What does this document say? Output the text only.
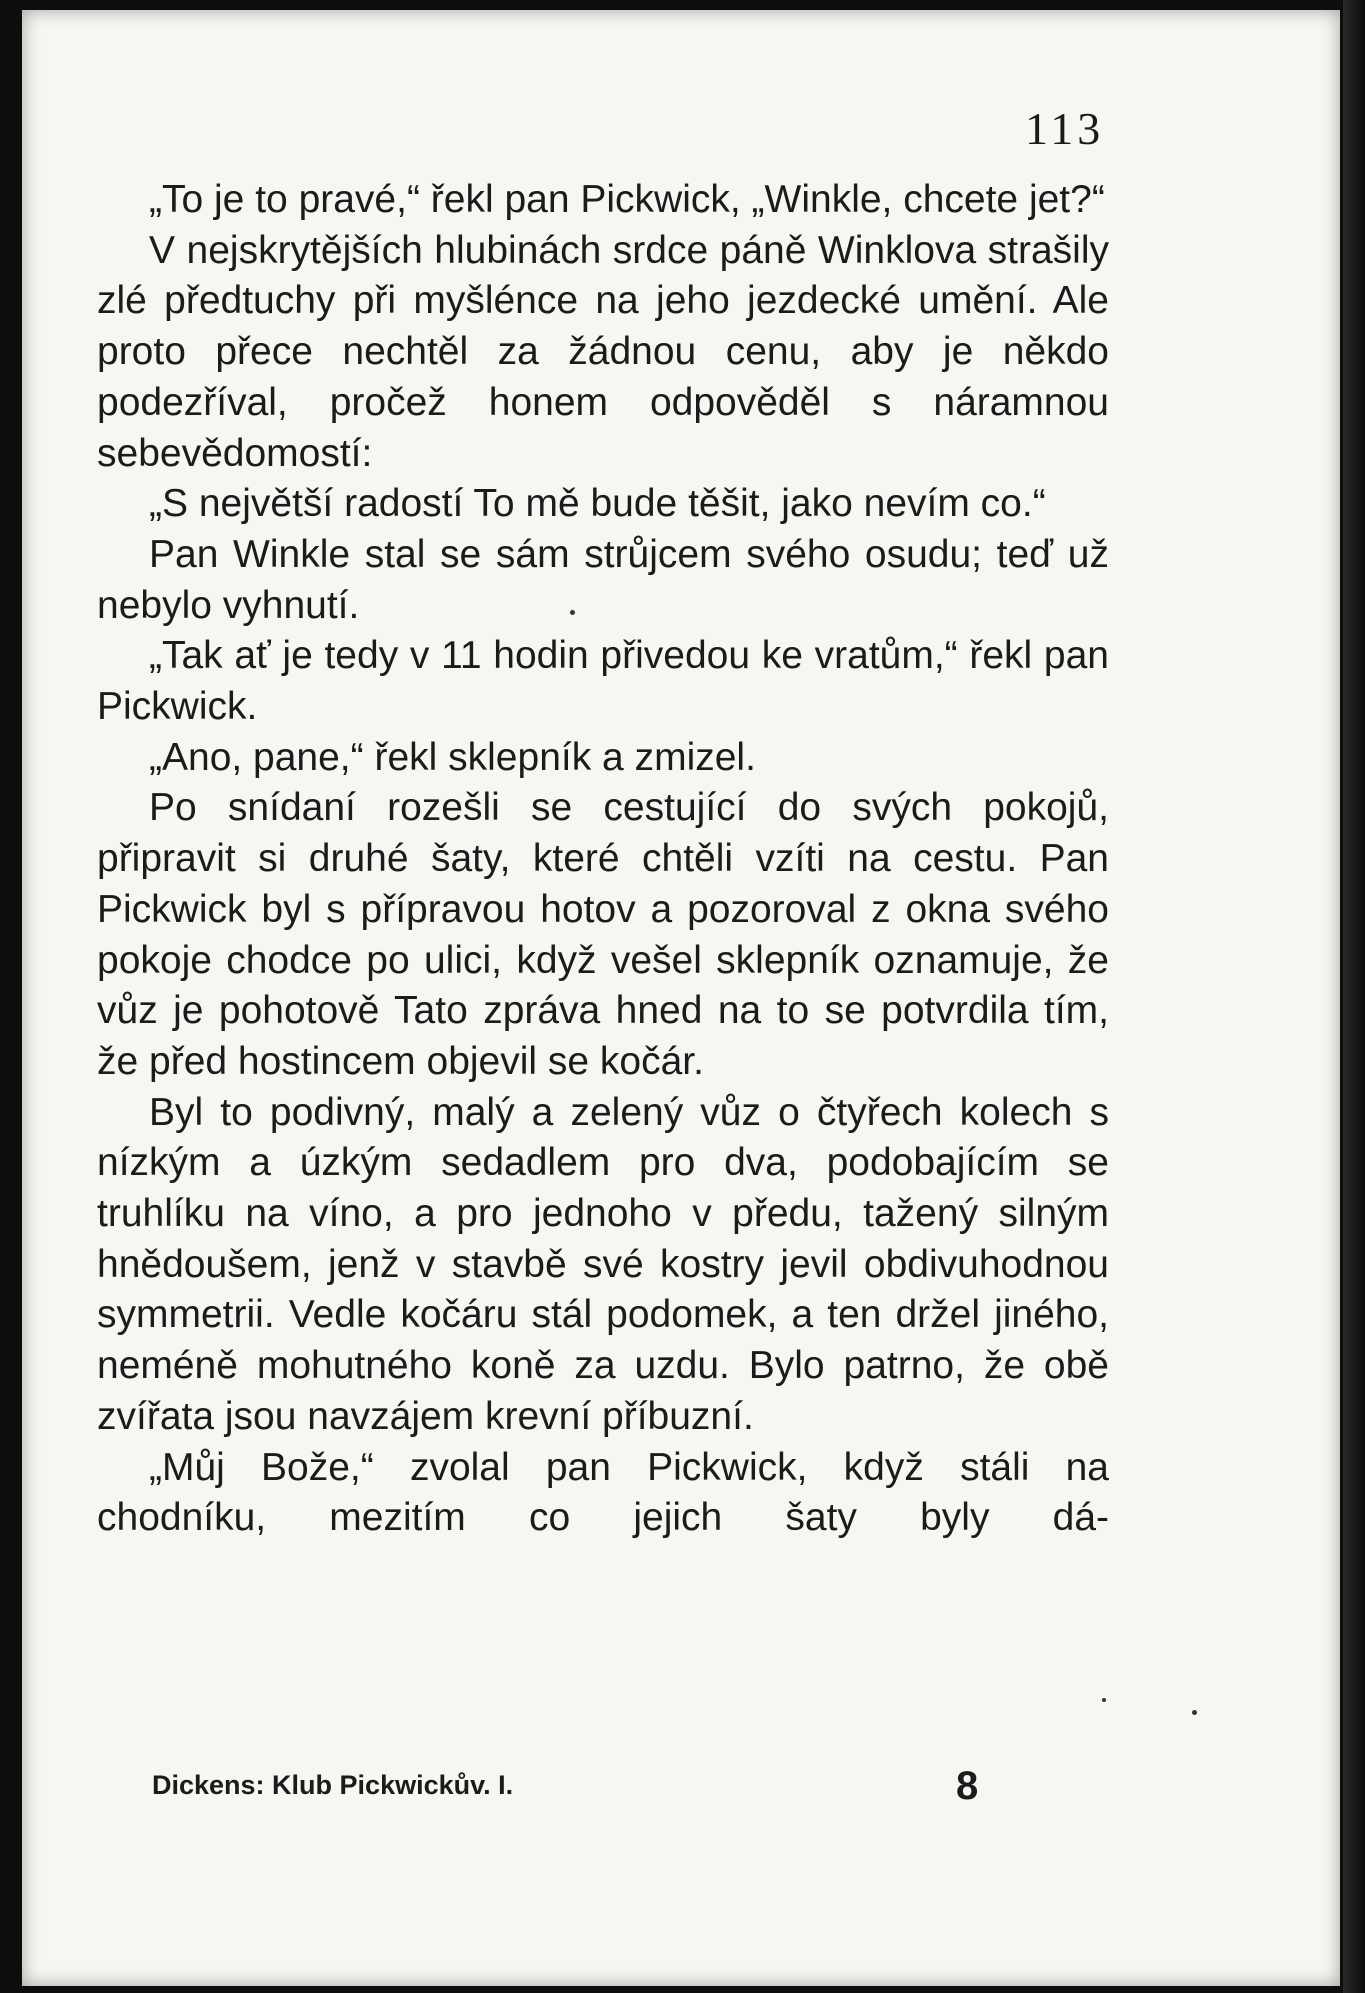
113

„To je to pravé,“ řekl pan Pickwick, „Winkle, chcete jet?“

V nejskrytějších hlubinách srdce páně Winklova strašily zlé předtuchy při myšlénce na jeho jezdecké umění. Ale proto přece nechtěl za žádnou cenu, aby je někdo podezříval, pročež honem odpověděl s náramnou sebevědomostí:

„S největší radostí To mě bude těšit, jako nevím co.“

Pan Winkle stal se sám strůjcem svého osudu; teď už nebylo vyhnutí.

„Tak ať je tedy v 11 hodin přivedou ke vratům,“ řekl pan Pickwick.

„Ano, pane,“ řekl sklepník a zmizel.

Po snídaní rozešli se cestující do svých pokojů, připravit si druhé šaty, které chtěli vzíti na cestu. Pan Pickwick byl s přípravou hotov a pozoroval z okna svého pokoje chodce po ulici, když vešel sklepník oznamuje, že vůz je pohotově Tato zpráva hned na to se potvrdila tím, že před hostincem objevil se kočár.

Byl to podivný, malý a zelený vůz o čtyřech kolech s nízkým a úzkým sedadlem pro dva, podobajícím se truhlíku na víno, a pro jednoho v předu, tažený silným hnědoušem, jenž v stavbě své kostry jevil obdivuhodnou symmetrii. Vedle kočáru stál podomek, a ten držel jiného, neméně mohutného koně za uzdu. Bylo patrno, že obě zvířata jsou navzájem krevní příbuzní.

„Můj Bože,“ zvolal pan Pickwick, když stáli na chodníku, mezitím co jejich šaty byly dá-

Dickens: Klub Pickwickův. I.	8
